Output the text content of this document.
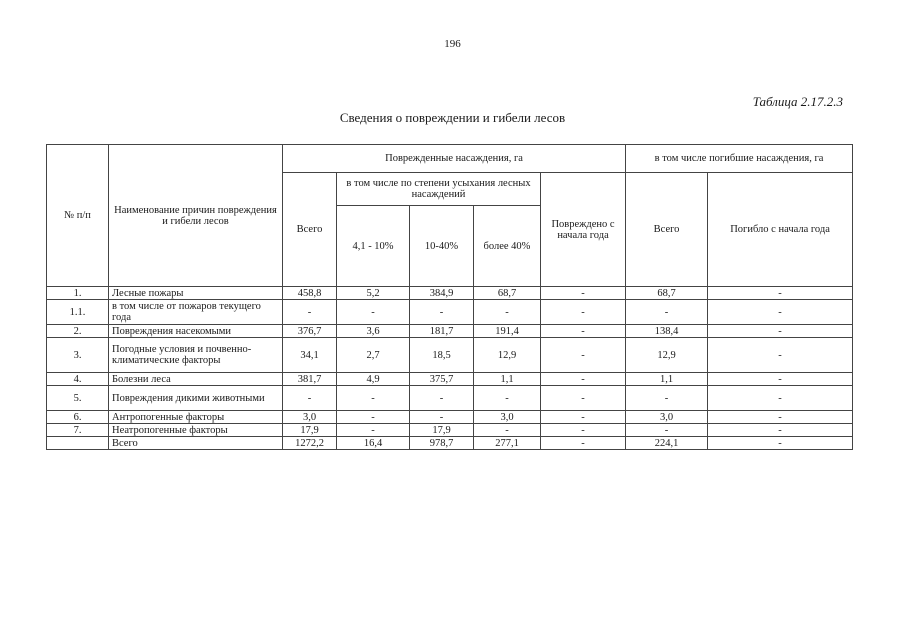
196
Таблица 2.17.2.3
Сведения о повреждении и гибели лесов
№ п/п	Наименование причин повреждения и гибели лесов	Поврежденные насаждения, га					в том числе погибшие насаждения, га	
		Всего	в том числе по степени усыхания лесных насаждений			Повреждено с начала года	Всего	Погибло с начала года
			4,1 - 10%	10-40%	более 40%			
1.	Лесные пожары	458,8	5,2	384,9	68,7	-	68,7	-
1.1.	в том числе от пожаров текущего года	-	-	-	-	-	-	-
2.	Повреждения насекомыми	376,7	3,6	181,7	191,4	-	138,4	-
3.	Погодные условия и почвенно-климатические факторы	34,1	2,7	18,5	12,9	-	12,9	-
4.	Болезни леса	381,7	4,9	375,7	1,1	-	1,1	-
5.	Повреждения дикими животными	-	-	-	-	-	-	-
6.	Антропогенные факторы	3,0	-	-	3,0	-	3,0	-
7.	Неатропогенные факторы	17,9	-	17,9	-	-	-	-
	Всего	1272,2	16,4	978,7	277,1	-	224,1	-
